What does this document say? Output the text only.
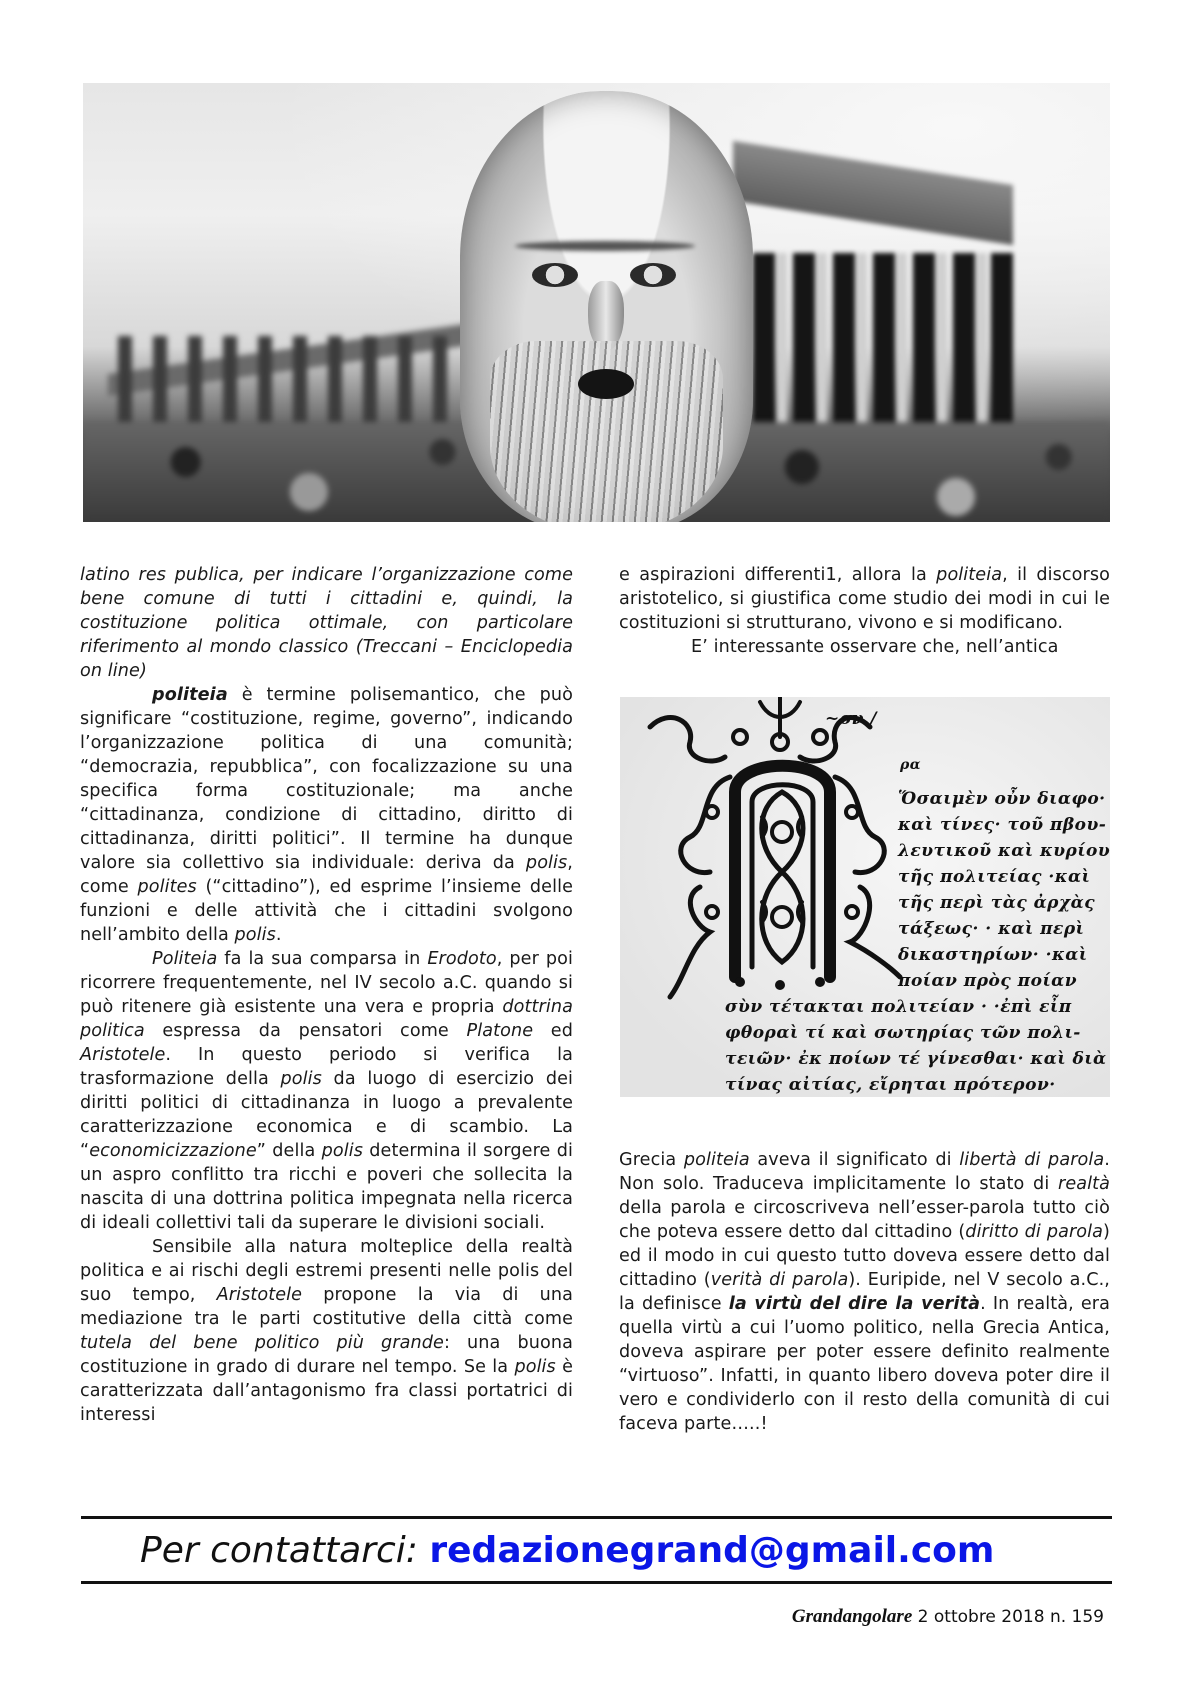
latino res publica, per indicare l’organizzazione come bene comune di tutti i cittadini e, quindi, la costituzione politica ottimale, con particolare riferimento al mondo classico (Treccani – Enciclopedia on line)

politeia è termine polisemantico, che può significare “costituzione, regime, governo”, indicando l’organizzazione politica di una comunità; “democrazia, repubblica”, con focalizzazione su una specifica forma costituzionale; ma anche “cittadinanza, condizione di cittadino, diritto di cittadinanza, diritti politici”. Il termine ha dunque valore sia collettivo sia individuale: deriva da polis, come polites (“cittadino”), ed esprime l’insieme delle funzioni e delle attività che i cittadini svolgono nell’ambito della polis.

Politeia fa la sua comparsa in Erodoto, per poi ricorrere frequentemente, nel IV secolo a.C. quando si può ritenere già esistente una vera e propria dottrina politica espressa da pensatori come Platone ed Aristotele. In questo periodo si verifica la trasformazione della polis da luogo di esercizio dei diritti politici di cittadinanza in luogo a prevalente caratterizzazione economica e di scambio. La “economicizzazione” della polis determina il sorgere di un aspro conflitto tra ricchi e poveri che sollecita la nascita di una dottrina politica impegnata nella ricerca di ideali collettivi tali da superare le divisioni sociali.

Sensibile alla natura molteplice della realtà politica e ai rischi degli estremi presenti nelle polis del suo tempo, Aristotele propone la via di una mediazione tra le parti costitutive della città come tutela del bene politico più grande: una buona costituzione in grado di durare nel tempo. Se la polis è caratterizzata dall’antagonismo fra classi portatrici di interessi

e aspirazioni differenti1, allora la politeia, il discorso aristotelico, si giustifica come studio dei modi in cui le costituzioni si strutturano, vivono e si modificano.

E’ interessante osservare che, nell’antica

~ον /
ρα
Ὅσαιμὲν οὖν διαφο·
καὶ τίνες· τοῦ πβου-
λευτικοῦ καὶ κυρίου
τῆς πολιτείας ·καὶ
τῆς περὶ τὰς ἀρχὰς
τάξεως· · καὶ περὶ
δικαστηρίων· ·καὶ
ποίαν πρὸς ποίαν
σὺν τέτακται πολιτείαν · ·ἐπὶ εἶπ
φθοραὶ τί καὶ σωτηρίας τῶν πολι-
τειῶν· ἐκ ποίων τέ γίνεσθαι· καὶ διὰ
τίνας αἰτίας, εἴρηται πρότερον·

Grecia politeia aveva il significato di libertà di parola. Non solo. Traduceva implicitamente lo stato di realtà della parola e circoscriveva nell’esser-parola tutto ciò che poteva essere detto dal cittadino (diritto di parola) ed il modo in cui questo tutto doveva essere detto dal cittadino (verità di parola). Euripide, nel V secolo a.C., la definisce la virtù del dire la verità. In realtà, era quella virtù a cui l’uomo politico, nella Grecia Antica, doveva aspirare per poter essere definito realmente “virtuoso”. Infatti, in quanto libero doveva poter dire il vero e condividerlo con il resto della comunità di cui faceva parte…..!

Per contattarci: redazionegrand@gmail.com
Grandangolare 2 ottobre 2018 n. 159
